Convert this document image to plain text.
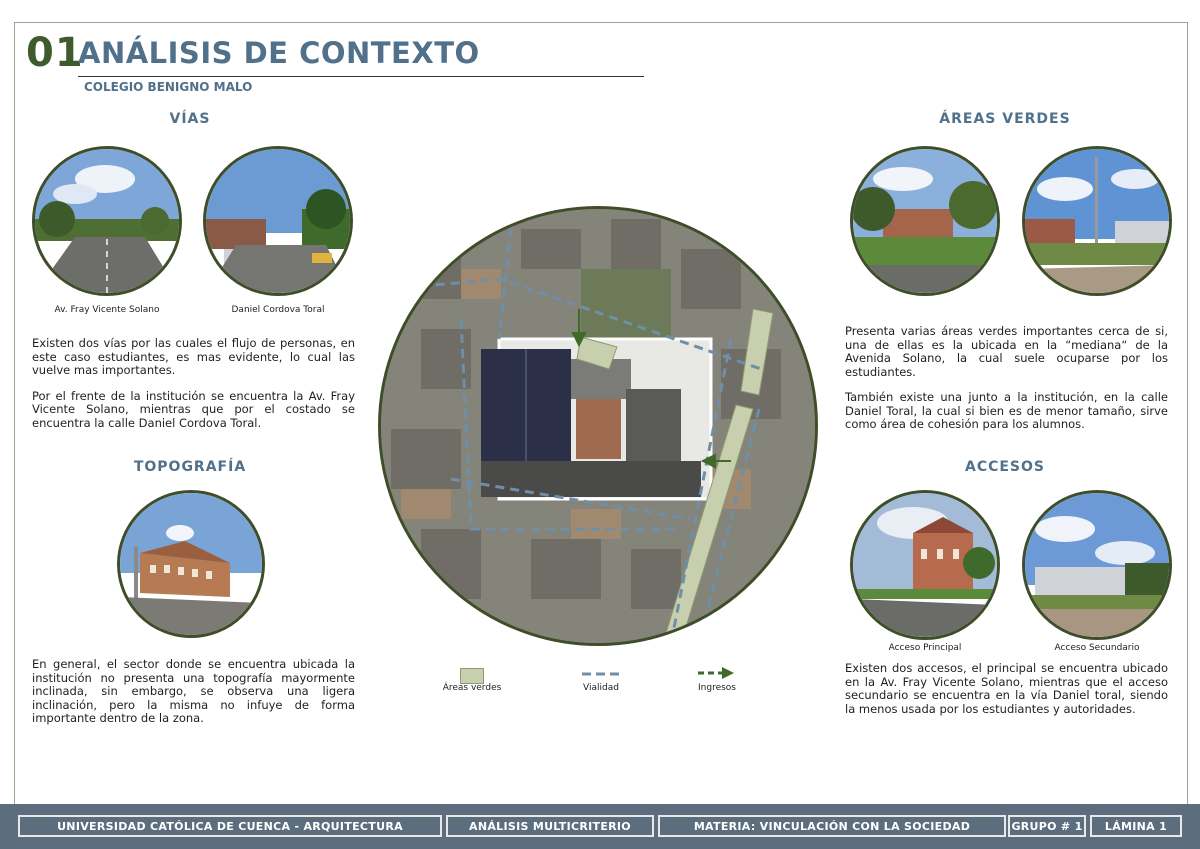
01
ANÁLISIS DE CONTEXTO
COLEGIO BENIGNO MALO
VÍAS
Av. Fray Vicente Solano	Daniel Cordova Toral

Existen dos vías por las cuales el flujo de personas, en este caso estudiantes, es mas evidente, lo cual las vuelve mas importantes.

Por el frente de la institución se encuentra la Av. Fray Vicente Solano, mientras que por el costado se encuentra la calle Daniel Cordova Toral.

TOPOGRAFÍA

En general, el sector donde se encuentra ubicada la institución no presenta una topografía mayormente inclinada, sin embargo, se observa una ligera inclinación, pero la misma no infuye de forma importante dentro de la zona.

Áreas verdes	Vialidad	Ingresos
ÁREAS VERDES

Presenta varias áreas verdes importantes cerca de si, una de ellas es la ubicada en la “mediana“ de la Avenida Solano, la cual suele ocuparse por los estudiantes.

También existe una junto a la institución, en la calle Daniel Toral, la cual si bien es de menor tamaño, sirve como área de cohesión para los alumnos.

ACCESOS
Acceso Principal	Acceso Secundario

Existen dos accesos, el principal se encuentra ubicado en la Av. Fray Vicente Solano, mientras que el acceso secundario se encuentra en la vía Daniel toral, siendo la menos usada por los estudiantes y autoridades.

UNIVERSIDAD CATÓLICA DE CUENCA - ARQUITECTURA	ANÁLISIS MULTICRITERIO	MATERIA: VINCULACIÓN CON LA SOCIEDAD	GRUPO # 1	LÁMINA 1
